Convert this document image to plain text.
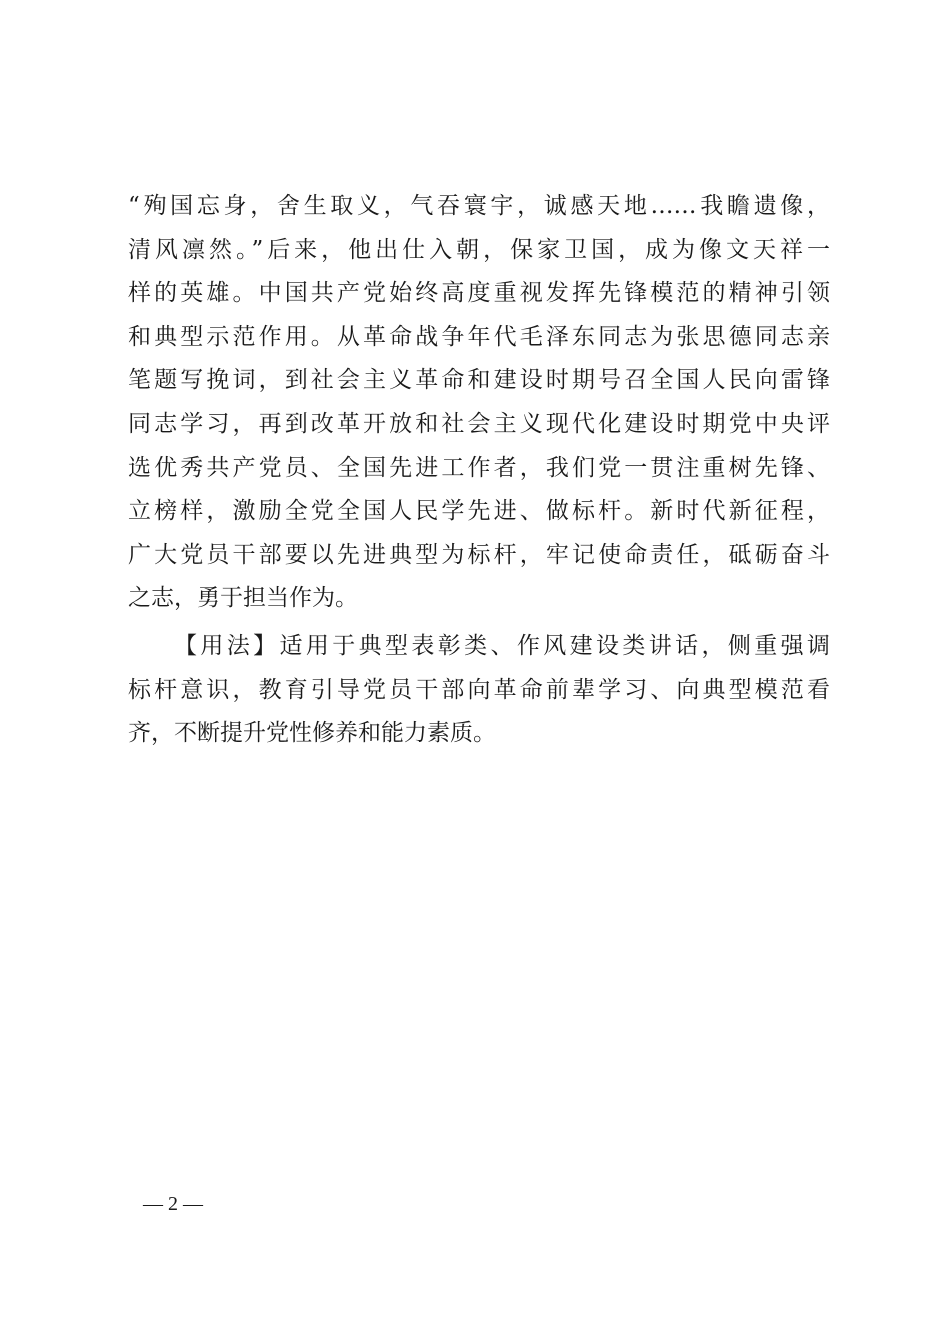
“殉国忘身，舍生取义，气吞寰宇，诚感天地……我瞻遗像，
清风凛然。”后来，他出仕入朝，保家卫国，成为像文天祥一
样的英雄。中国共产党始终高度重视发挥先锋模范的精神引领
和典型示范作用。从革命战争年代毛泽东同志为张思德同志亲
笔题写挽词，到社会主义革命和建设时期号召全国人民向雷锋
同志学习，再到改革开放和社会主义现代化建设时期党中央评
选优秀共产党员、全国先进工作者，我们党一贯注重树先锋、
立榜样，激励全党全国人民学先进、做标杆。新时代新征程，
广大党员干部要以先进典型为标杆，牢记使命责任，砥砺奋斗
之志，勇于担当作为。
【用法】适用于典型表彰类、作风建设类讲话，侧重强调
标杆意识，教育引导党员干部向革命前辈学习、向典型模范看
齐，不断提升党性修养和能力素质。
— 2 —
